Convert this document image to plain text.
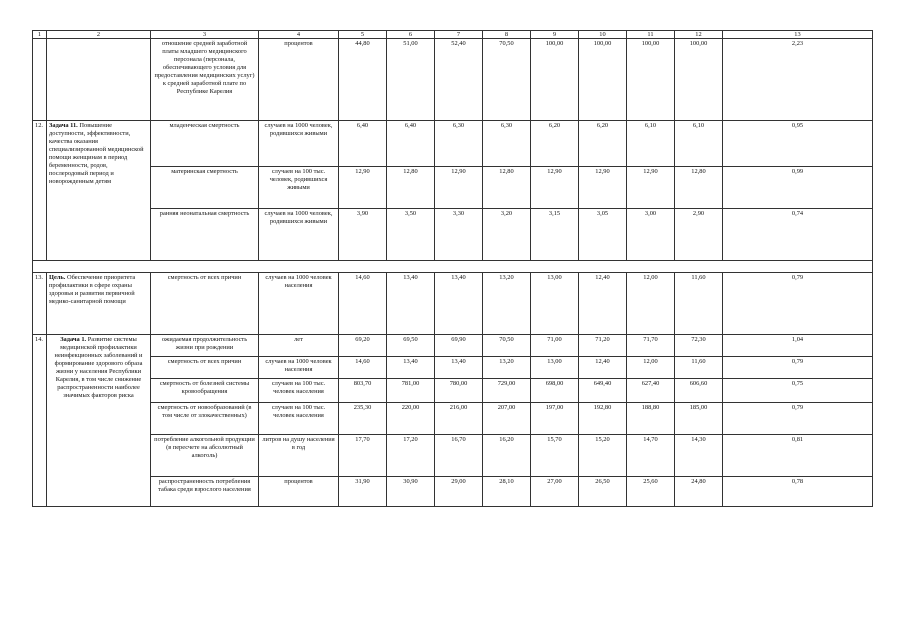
1	2	3	4	5	6	7	8	9	10	11	12	13
		отношение средней заработной платы младшего медицинского персонала (персонала, обеспечивающего условия для предоставления медицинских услуг) к средней заработной плате по Республике Карелия	процентов	44,80	51,00	52,40	70,50	100,00	100,00	100,00	100,00	2,23
12.	Задача 11. Повышение доступности, эффективности, качества оказания специализированной медицинской помощи женщинам в период беременности, родов, послеродовый период и новорожденным детям	младенческая смертность	случаев на 1000 человек, родившихся живыми	6,40	6,40	6,30	6,30	6,20	6,20	6,10	6,10	0,95
		материнская смертность	случаев на 100 тыс. человек, родившихся живыми	12,90	12,80	12,90	12,80	12,90	12,90	12,90	12,80	0,99
		ранняя неонатальная смертность	случаев на 1000 человек, родившихся живыми	3,90	3,50	3,30	3,20	3,15	3,05	3,00	2,90	0,74

13.	Цель. Обеспечение приоритета профилактики в сфере охраны здоровья и развития первичной медико-санитарной помощи	смертность от всех причин	случаев на 1000 человек населения	14,60	13,40	13,40	13,20	13,00	12,40	12,00	11,60	0,79
14.	Задача 1. Развитие системы медицинской профилактики неинфекционных заболеваний и формирование здорового образа жизни у населения Республики Карелия, в том числе снижение распространенности наиболее значимых факторов риска	ожидаемая продолжительность жизни при рождении	лет	69,20	69,50	69,90	70,50	71,00	71,20	71,70	72,30	1,04
		смертность от всех причин	случаев на 1000 человек населения	14,60	13,40	13,40	13,20	13,00	12,40	12,00	11,60	0,79
		смертность от болезней системы кровообращения	случаев на 100 тыс. человек населения	803,70	781,00	780,00	729,00	698,00	649,40	627,40	606,60	0,75
		смертность от новообразований (в том числе от злокачественных)	случаев на 100 тыс. человек населения	235,30	220,00	216,00	207,00	197,00	192,80	188,80	185,00	0,79
		потребление алкогольной продукции (в пересчете на абсолютный алкоголь)	литров на душу населения в год	17,70	17,20	16,70	16,20	15,70	15,20	14,70	14,30	0,81
		распространенность потребления табака среди взрослого населения	процентов	31,90	30,90	29,00	28,10	27,00	26,50	25,60	24,80	0,78
